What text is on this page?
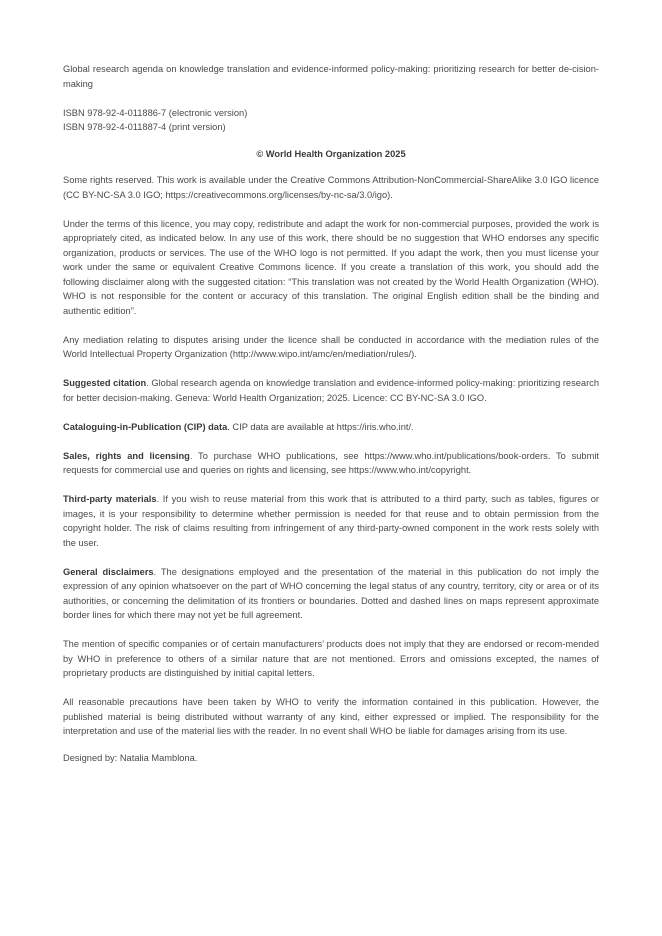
Global research agenda on knowledge translation and evidence-informed policy-making: prioritizing research for better de-cision-making

ISBN 978-92-4-011886-7 (electronic version)

ISBN 978-92-4-011887-4 (print version)

© World Health Organization 2025

Some rights reserved. This work is available under the Creative Commons Attribution-NonCommercial-ShareAlike 3.0 IGO licence (CC BY-NC-SA 3.0 IGO; https://creativecommons.org/licenses/by-nc-sa/3.0/igo).

Under the terms of this licence, you may copy, redistribute and adapt the work for non-commercial purposes, provided the work is appropriately cited, as indicated below. In any use of this work, there should be no suggestion that WHO endorses any specific organization, products or services. The use of the WHO logo is not permitted. If you adapt the work, then you must license your work under the same or equivalent Creative Commons licence. If you create a translation of this work, you should add the following disclaimer along with the suggested citation: “This translation was not created by the World Health Organization (WHO). WHO is not responsible for the content or accuracy of this translation. The original English edition shall be the binding and authentic edition”.

Any mediation relating to disputes arising under the licence shall be conducted in accordance with the mediation rules of the World Intellectual Property Organization (http://www.wipo.int/amc/en/mediation/rules/).

Suggested citation. Global research agenda on knowledge translation and evidence-informed policy-making: prioritizing research for better decision-making. Geneva: World Health Organization; 2025. Licence: CC BY-NC-SA 3.0 IGO.

Cataloguing-in-Publication (CIP) data. CIP data are available at https://iris.who.int/.

Sales, rights and licensing. To purchase WHO publications, see https://www.who.int/publications/book-orders. To submit requests for commercial use and queries on rights and licensing, see https://www.who.int/copyright.

Third-party materials. If you wish to reuse material from this work that is attributed to a third party, such as tables, figures or images, it is your responsibility to determine whether permission is needed for that reuse and to obtain permission from the copyright holder. The risk of claims resulting from infringement of any third-party-owned component in the work rests solely with the user.

General disclaimers. The designations employed and the presentation of the material in this publication do not imply the expression of any opinion whatsoever on the part of WHO concerning the legal status of any country, territory, city or area or of its authorities, or concerning the delimitation of its frontiers or boundaries. Dotted and dashed lines on maps represent approximate border lines for which there may not yet be full agreement.

The mention of specific companies or of certain manufacturers’ products does not imply that they are endorsed or recom-mended by WHO in preference to others of a similar nature that are not mentioned. Errors and omissions excepted, the names of proprietary products are distinguished by initial capital letters.

All reasonable precautions have been taken by WHO to verify the information contained in this publication. However, the published material is being distributed without warranty of any kind, either expressed or implied. The responsibility for the interpretation and use of the material lies with the reader. In no event shall WHO be liable for damages arising from its use.

Designed by: Natalia Mamblona.
